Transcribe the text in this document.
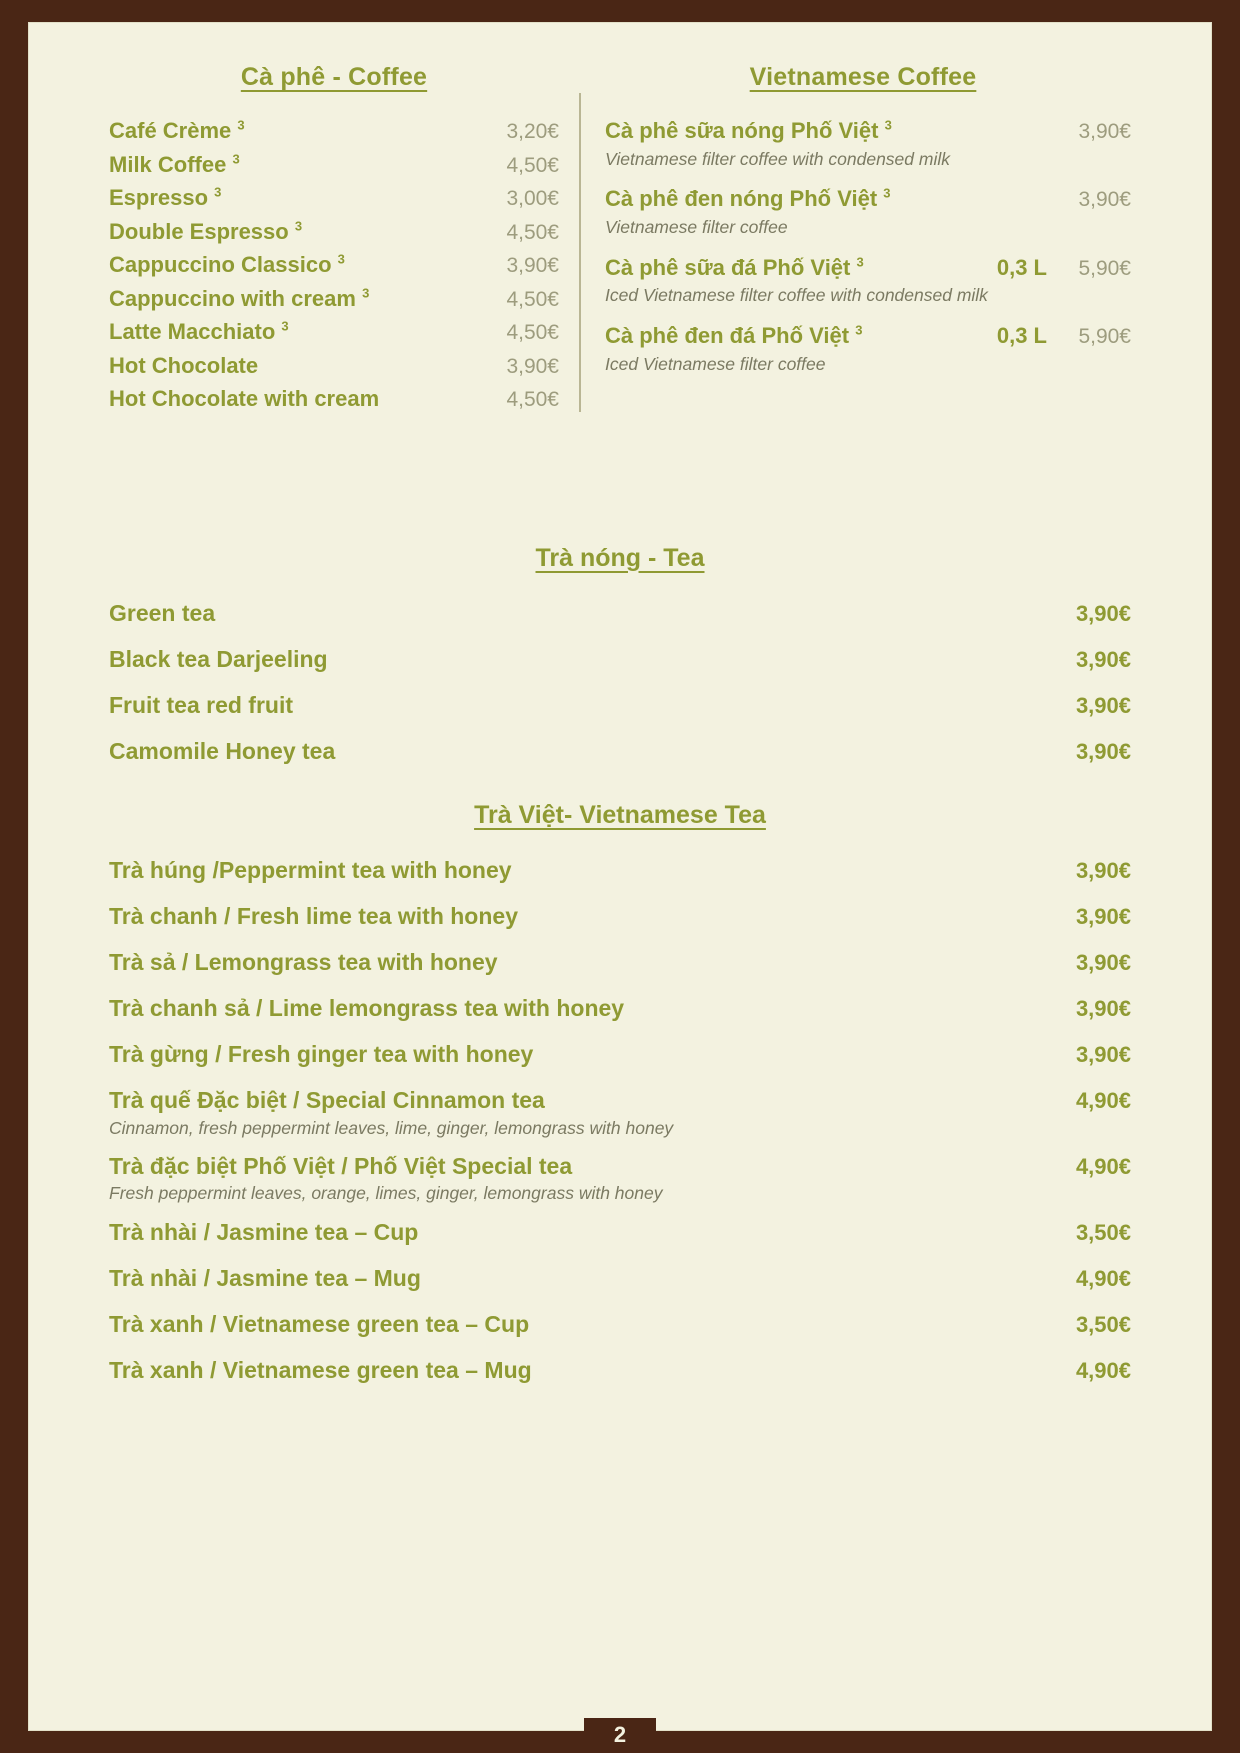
Cà phê - Coffee
Café Crème $^3$	3,20€
Milk Coffee $^3$	4,50€
Espresso $^3$	3,00€
Double Espresso $^3$	4,50€
Cappuccino Classico $^3$	3,90€
Cappuccino with cream $^3$	4,50€
Latte Macchiato $^3$	4,50€
Hot Chocolate	3,90€
Hot Chocolate with cream	4,50€
Vietnamese Coffee
Cà phê sữa nóng Phố Việt $^3$	3,90€
Vietnamese filter coffee with condensed milk
Cà phê đen nóng Phố Việt $^3$	3,90€
Vietnamese filter coffee
Cà phê sữa đá Phố Việt $^3$	0,3 L	5,90€
Iced Vietnamese filter coffee with condensed milk
Cà phê đen đá Phố Việt $^3$	0,3 L	5,90€
Iced Vietnamese filter coffee
Trà nóng - Tea
Green tea	3,90€
Black tea Darjeeling	3,90€
Fruit tea red fruit	3,90€
Camomile Honey tea	3,90€
Trà Việt- Vietnamese Tea
Trà húng /Peppermint tea with honey	3,90€
Trà chanh / Fresh lime tea with honey	3,90€
Trà sả / Lemongrass tea with honey	3,90€
Trà chanh sả / Lime lemongrass tea with honey	3,90€
Trà gừng / Fresh ginger tea with honey	3,90€
Trà quế Đặc biệt / Special Cinnamon tea	4,90€
Cinnamon, fresh peppermint leaves, lime, ginger, lemongrass with honey
Trà đặc biệt Phố Việt / Phố Việt Special tea	4,90€
Fresh peppermint leaves, orange, limes, ginger, lemongrass with honey
Trà nhài / Jasmine tea – Cup	3,50€
Trà nhài / Jasmine tea – Mug	4,90€
Trà xanh / Vietnamese green tea – Cup	3,50€
Trà xanh / Vietnamese green tea – Mug	4,90€
2
